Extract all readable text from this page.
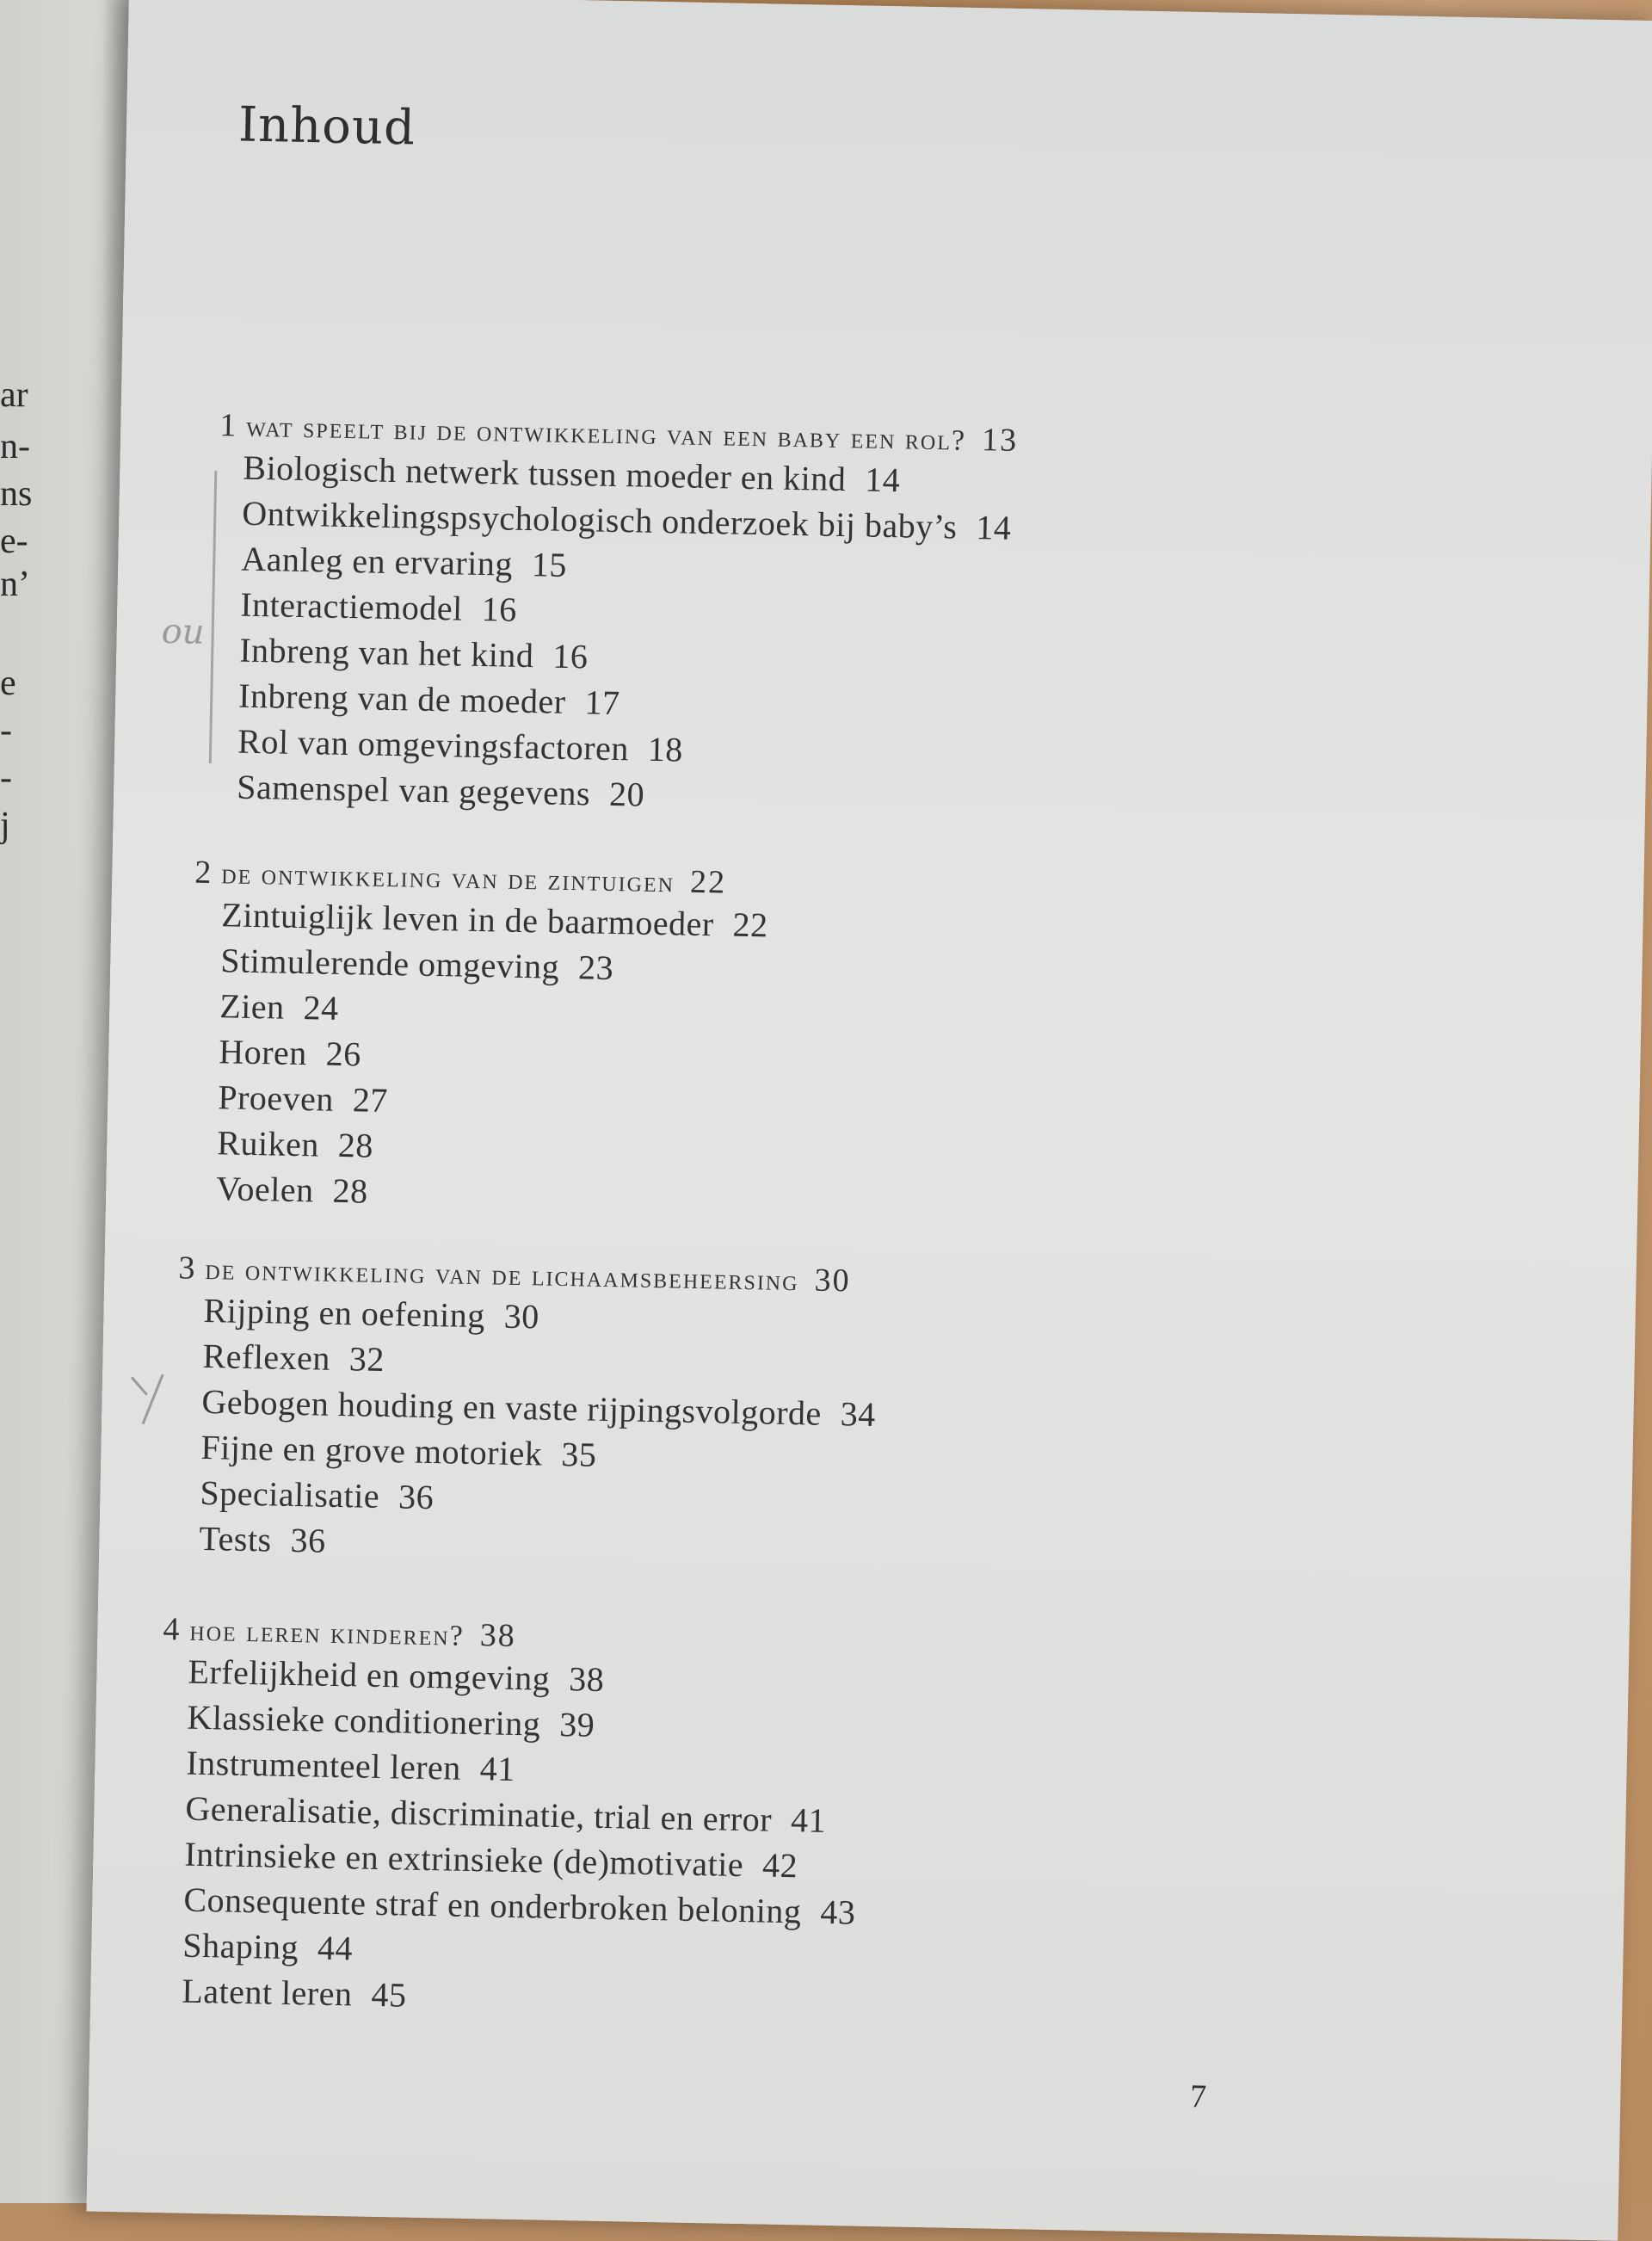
ar
n-
ns
e-
n’
e
-
-
j
Inhoud
ou
1 wat speelt bij de ontwikkeling van een baby een rol? 13
Biologisch netwerk tussen moeder en kind 14
Ontwikkelingspsychologisch onderzoek bij baby’s 14
Aanleg en ervaring 15
Interactiemodel 16
Inbreng van het kind 16
Inbreng van de moeder 17
Rol van omgevingsfactoren 18
Samenspel van gegevens 20
2 de ontwikkeling van de zintuigen 22
Zintuiglijk leven in de baarmoeder 22
Stimulerende omgeving 23
Zien 24
Horen 26
Proeven 27
Ruiken 28
Voelen 28
3 de ontwikkeling van de lichaamsbeheersing 30
Rijping en oefening 30
Reflexen 32
Gebogen houding en vaste rijpingsvolgorde 34
Fijne en grove motoriek 35
Specialisatie 36
Tests 36
4 hoe leren kinderen? 38
Erfelijkheid en omgeving 38
Klassieke conditionering 39
Instrumenteel leren 41
Generalisatie, discriminatie, trial en error 41
Intrinsieke en extrinsieke (de)motivatie 42
Consequente straf en onderbroken beloning 43
Shaping 44
Latent leren 45
7
